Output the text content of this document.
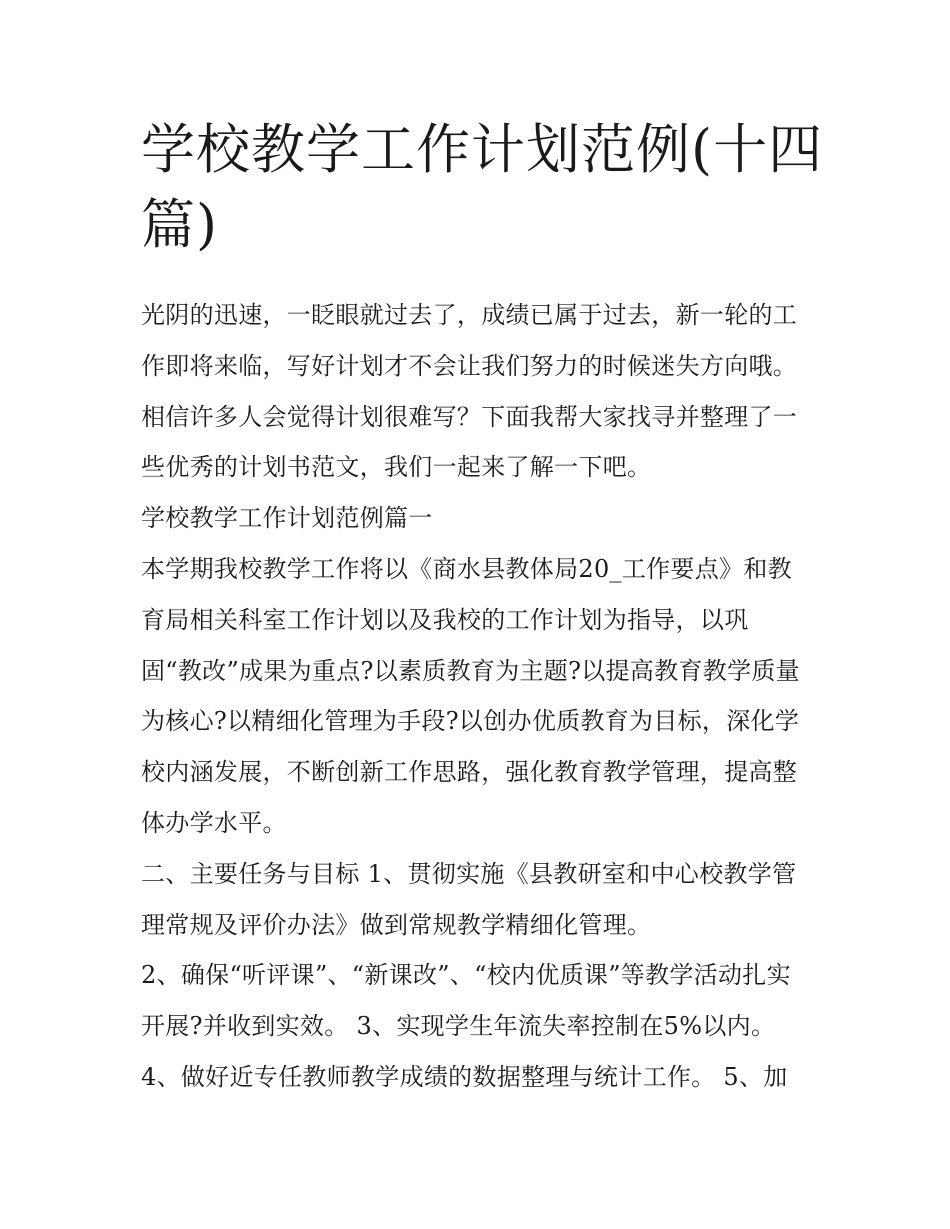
学校教学工作计划范例(十四
篇)

光阴的迅速，一眨眼就过去了，成绩已属于过去，新一轮的工
作即将来临，写好计划才不会让我们努力的时候迷失方向哦。
相信许多人会觉得计划很难写？下面我帮大家找寻并整理了一
些优秀的计划书范文，我们一起来了解一下吧。

学校教学工作计划范例篇一

本学期我校教学工作将以《商水县教体局20_工作要点》和教
育局相关科室工作计划以及我校的工作计划为指导，以巩
固“教改”成果为重点?以素质教育为主题?以提高教育教学质量
为核心?以精细化管理为手段?以创办优质教育为目标，深化学
校内涵发展，不断创新工作思路，强化教育教学管理，提高整
体办学水平。

二、主要任务与目标 1、贯彻实施《县教研室和中心校教学管
理常规及评价办法》做到常规教学精细化管理。

2、确保“听评课”、“新课改”、“校内优质课”等教学活动扎实
开展?并收到实效。 3、实现学生年流失率控制在5%以内。

4、做好近专任教师教学成绩的数据整理与统计工作。 5、加
